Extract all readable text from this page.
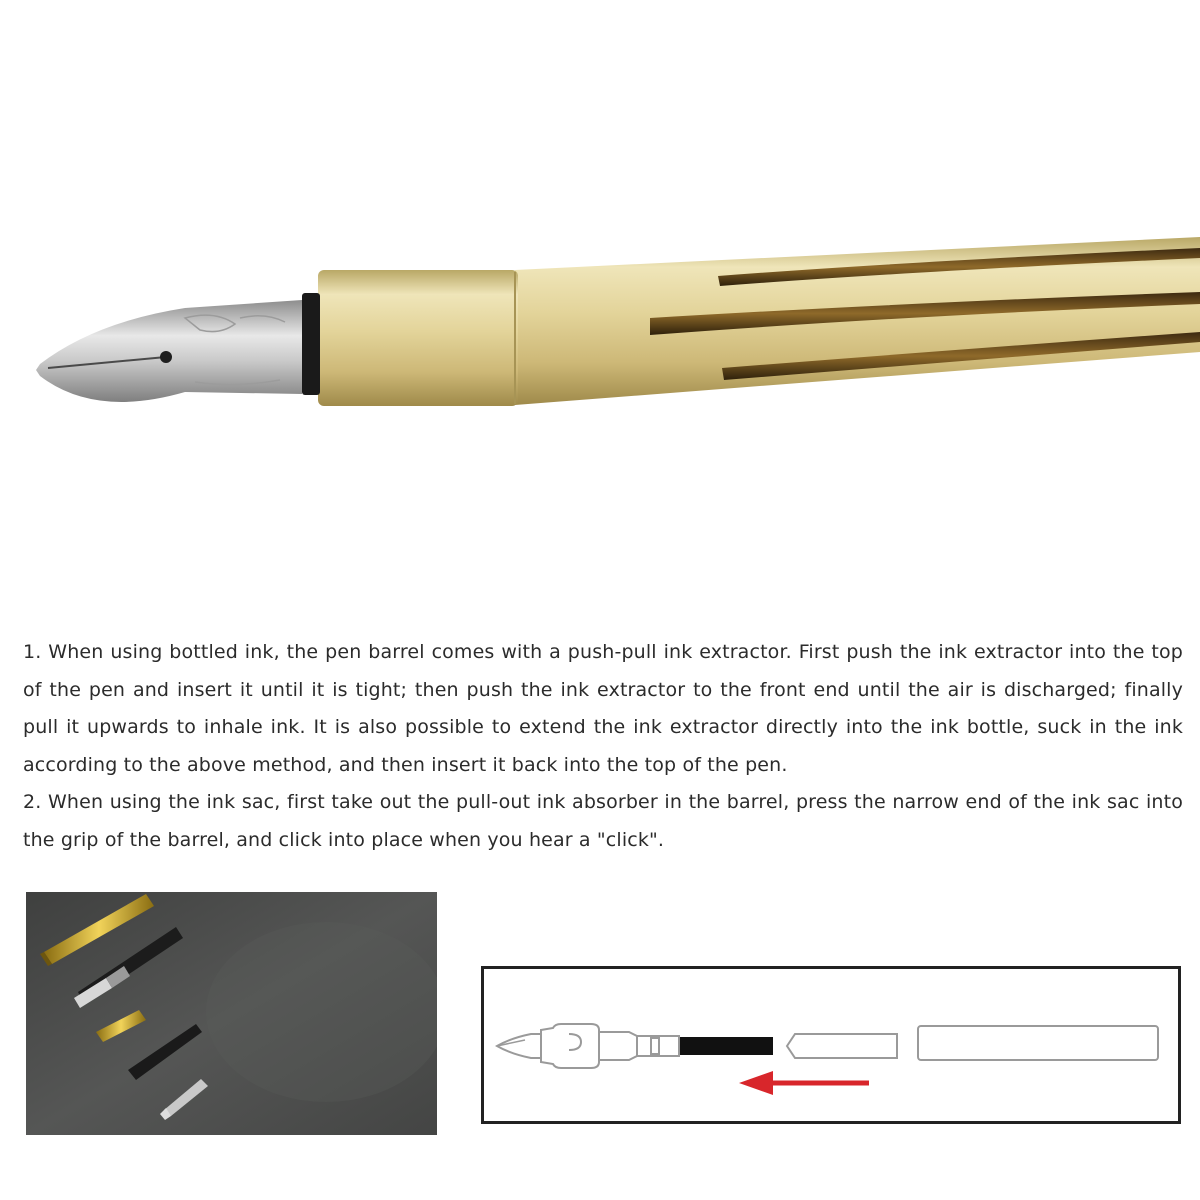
1. When using bottled ink, the pen barrel comes with a push-pull ink extractor. First push the ink extractor into the top of the pen and insert it until it is tight; then push the ink extractor to the front end until the air is discharged; finally pull it upwards to inhale ink. It is also possible to extend the ink extractor directly into the ink bottle, suck in the ink according to the above method, and then insert it back into the top of the pen.

2. When using the ink sac, first take out the pull-out ink absorber in the barrel, press the narrow end of the ink sac into the grip of the barrel, and click into place when you hear a "click".
